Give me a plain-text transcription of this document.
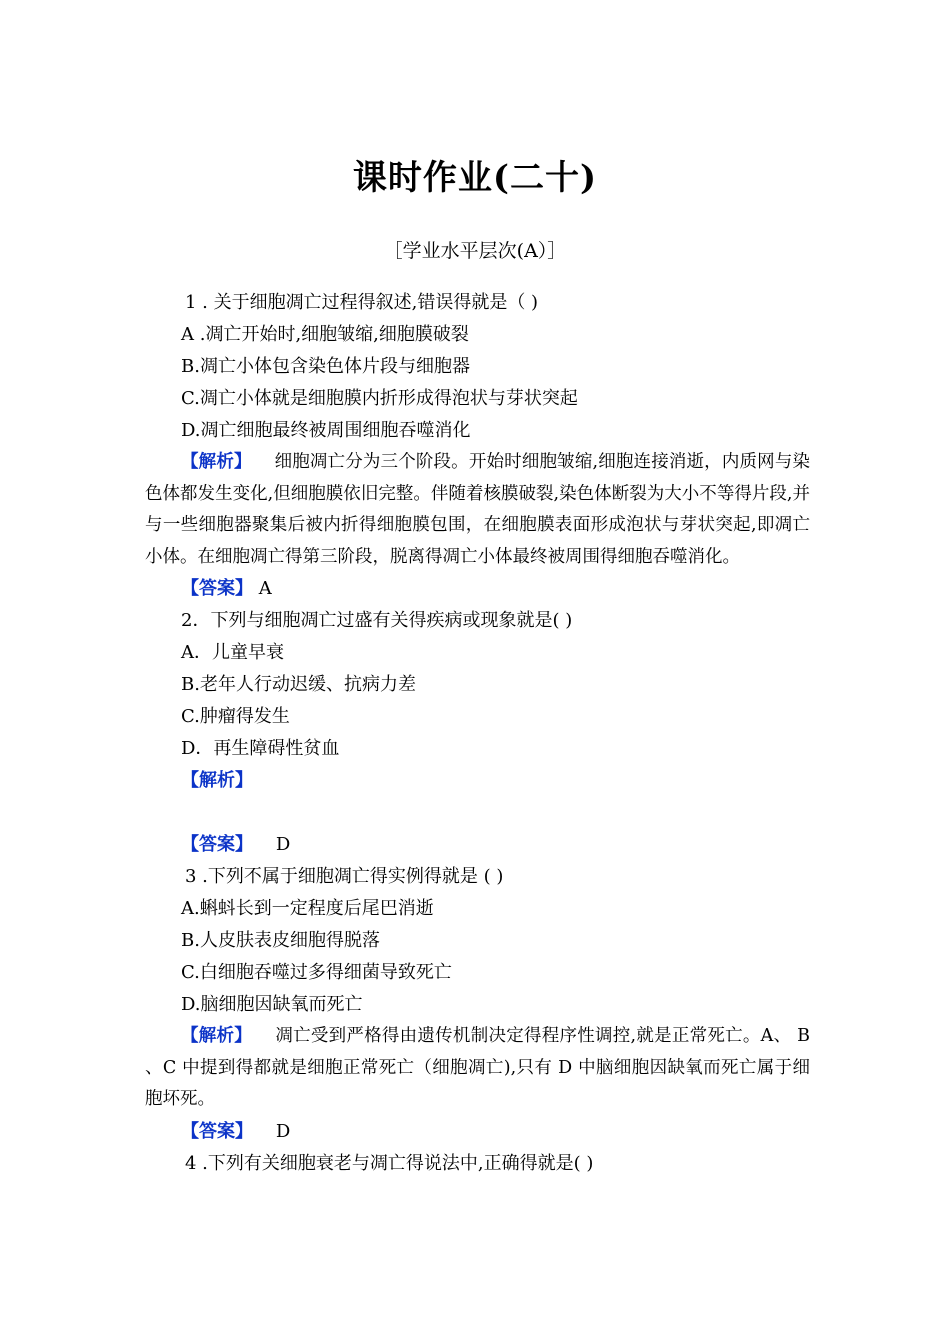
课时作业(二十)
［学业水平层次(A）］
1 . 关于细胞凋亡过程得叙述,错误得就是（ )
A .凋亡开始时,细胞皱缩,细胞膜破裂
B.凋亡小体包含染色体片段与细胞器
C.凋亡小体就是细胞膜内折形成得泡状与芽状突起
D.凋亡细胞最终被周围细胞吞噬消化
【解析】 细胞凋亡分为三个阶段。开始时细胞皱缩,细胞连接消逝，内质网与染色体都发生变化,但细胞膜依旧完整。伴随着核膜破裂,染色体断裂为大小不等得片段,并与一些细胞器聚集后被内折得细胞膜包围，在细胞膜表面形成泡状与芽状突起,即凋亡小体。在细胞凋亡得第三阶段，脱离得凋亡小体最终被周围得细胞吞噬消化。
【答案】 A
2．下列与细胞凋亡过盛有关得疾病或现象就是( )
A．儿童早衰
B.老年人行动迟缓、抗病力差
C.肿瘤得发生
D．再生障碍性贫血
【解析】
【答案】 D
3 .下列不属于细胞凋亡得实例得就是 ( )
A.蝌蚪长到一定程度后尾巴消逝
B.人皮肤表皮细胞得脱落
C.白细胞吞噬过多得细菌导致死亡
D.脑细胞因缺氧而死亡
【解析】 凋亡受到严格得由遗传机制决定得程序性调控,就是正常死亡。A、 B 、C 中提到得都就是细胞正常死亡（细胞凋亡),只有 D 中脑细胞因缺氧而死亡属于细胞坏死。
【答案】 D
4 .下列有关细胞衰老与凋亡得说法中,正确得就是( )
